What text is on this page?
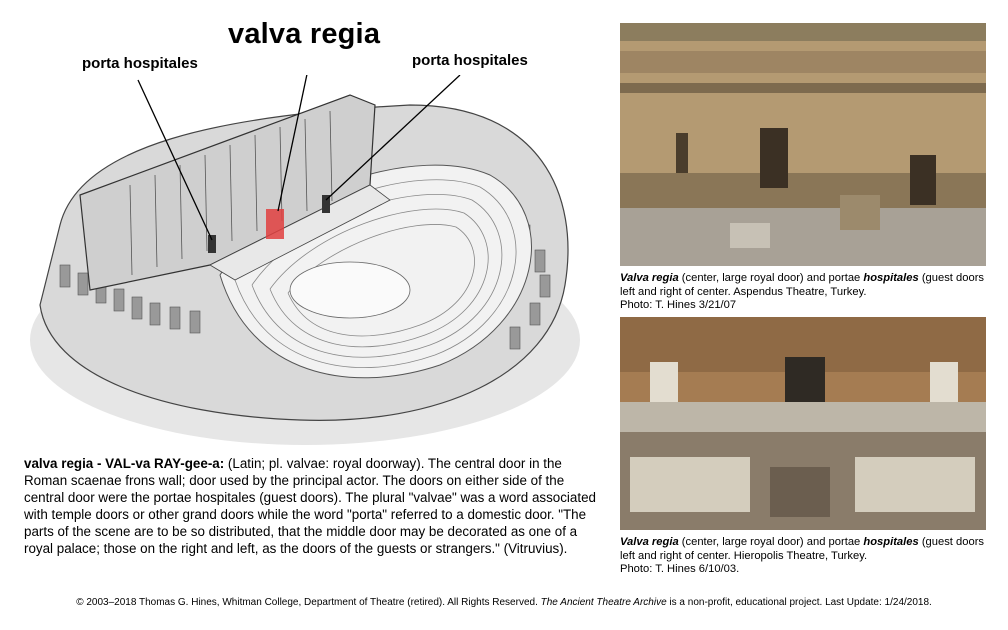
valva regia
porta hospitales	porta hospitales
valva regia - VAL-va RAY-gee-a: (Latin; pl. valvae: royal doorway). The central door in the Roman scaenae frons wall; door used by the principal actor. The doors on either side of the central door were the portae hospitales (guest doors). The plural "valvae" was a word associated with temple doors or other grand doors while the word "porta" referred to a domestic door. "The parts of the scene are to be so distributed, that the middle door may be decorated as one of a royal palace; those on the right and left, as the doors of the guests or strangers." (Vitruvius).
Valva regia (center, large royal door) and portae hospitales (guest doors left and right of center. Aspendus Theatre, Turkey.
Photo: T. Hines 3/21/07
Valva regia (center, large royal door) and portae hospitales (guest doors left and right of center. Hieropolis Theatre, Turkey.
Photo: T. Hines 6/10/03.
© 2003–2018 Thomas G. Hines, Whitman College, Department of Theatre (retired). All Rights Reserved. The Ancient Theatre Archive is a non-profit, educational project. Last Update: 1/24/2018.
